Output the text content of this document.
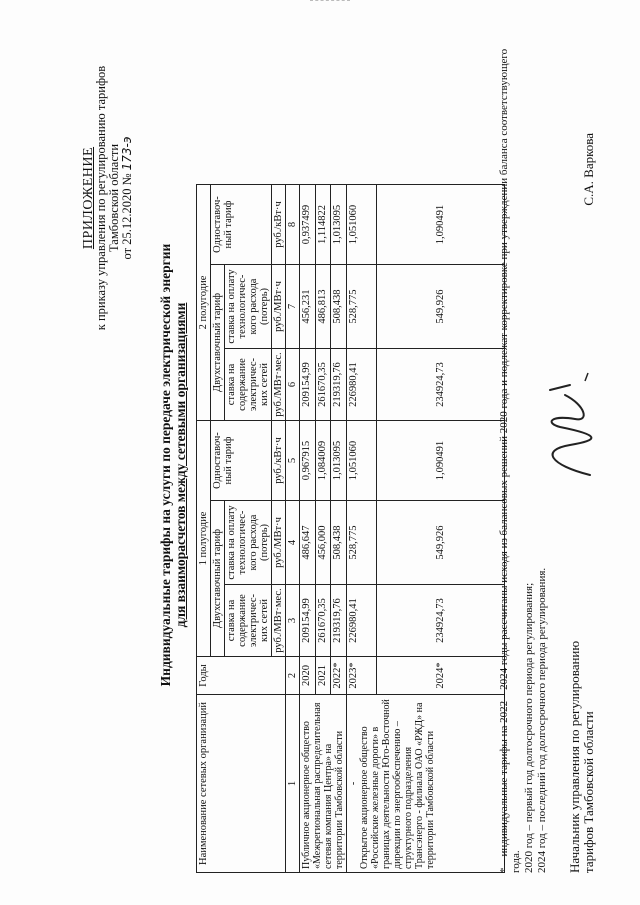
ПРИЛОЖЕНИЕ
к приказу управления по регулированию тарифов Тамбовской области от 25.12.2020 № 173-э
Индивидуальные тарифы на услуги по передаче электрической энергии для взаиморасчетов между сетевыми организациями
Наименование сетевых организаций	Годы	1 полугодие			2 полугодие		
		Двухставочный тариф		Одноставоч- ный тариф	Двухставочный тариф		Одноставоч- ный тариф
		ставка на содержание электричес- ких сетей	ставка на оплату технологичес- кого расхода (потерь)		ставка на содержание электричес- ких сетей	ставка на оплату технологичес- кого расхода (потерь)	
		руб./МВт·мес.	руб./МВт·ч	руб./кВт·ч	руб./МВт·мес.	руб./МВт·ч	руб./кВт·ч
1	2	3	4	5	6	7	8
Публичное акционерное общество «Межрегиональная распределительная сетевая компания Центра» на территории Тамбовской области	2020	209154,99	486,647	0,967915	209154,99	456,231	0,937499
	2021	261670,35	456,000	1,084009	261670,35	486,813	1,114822
	2022*	219319,76	508,438	1,013095	219319,76	508,438	1,013095

- Открытое акционерное общество «Российские железные дороги» в границах деятельности Юго-Восточной дирекции по энергообеспечению – структурного подразделения Трансэнерго - филиала ОАО «РЖД» на территории Тамбовской области	2023*	226980,41	528,775	1,051060	226980,41	528,775	1,051060
	2024*	234924,73	549,926	1,090491	234924,73	549,926	1,090491	* – индивидуальные тарифы на 2022 – 2024 годы рассчитаны исходя из балансовых решений 2020 года и подлежат корректировке при утверждении баланса соответствующего года. 2020 год – первый год долгосрочного периода регулирования; 2024 год – последний год долгосрочного периода регулирования. Начальник управления по регулированию тарифов Тамбовской области
С.А. Варкова
